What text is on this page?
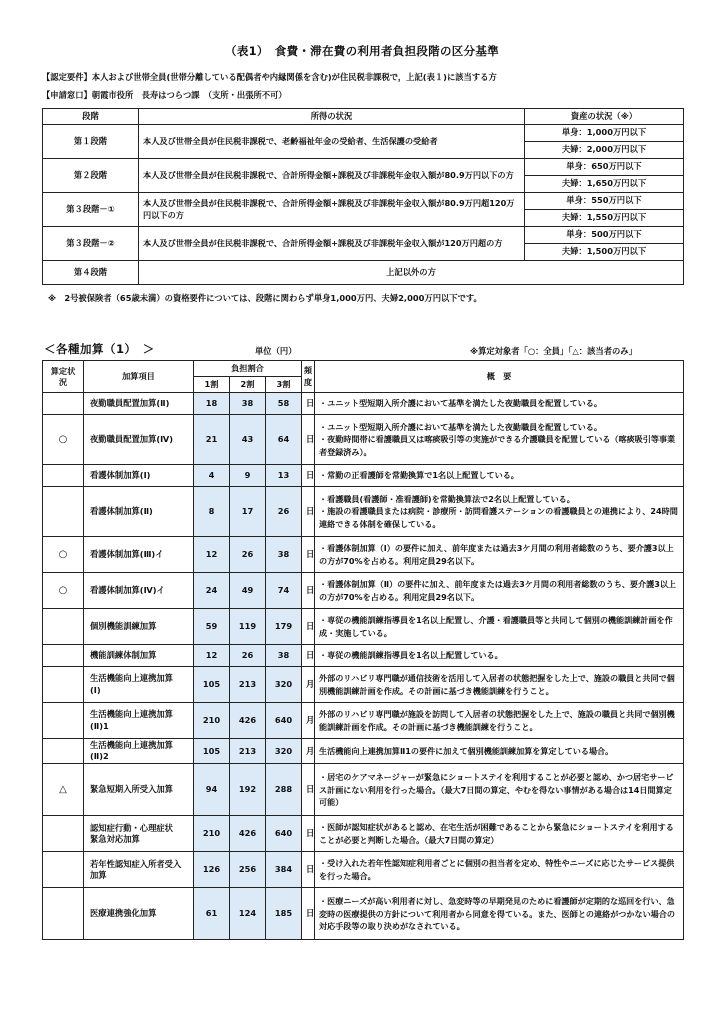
（表1）　食費・滞在費の利用者負担段階の区分基準
【認定要件】本人および世帯全員(世帯分離している配偶者や内縁関係を含む)が住民税非課税で，上記(表１)に該当する方
【申請窓口】朝霞市役所　長寿はつらつ課　（支所・出張所不可）
段階	所得の状況	資産の状況（※）
第１段階	本人及び世帯全員が住民税非課税で、老齢福祉年金の受給者、生活保護の受給者	単身：1,000万円以下
		夫婦：2,000万円以下
第２段階	本人及び世帯全員が住民税非課税で、合計所得金額+課税及び非課税年金収入額が80.9万円以下の方	単身：650万円以下
		夫婦：1,650万円以下
第３段階－①	本人及び世帯全員が住民税非課税で、合計所得金額+課税及び非課税年金収入額が80.9万円超120万円以下の方	単身：550万円以下
		夫婦：1,550万円以下
第３段階－②	本人及び世帯全員が住民税非課税で、合計所得金額+課税及び非課税年金収入額が120万円超の方	単身：500万円以下
		夫婦：1,500万円以下
第４段階	上記以外の方	
※　2号被保険者（65歳未満）の資格要件については、段階に関わらず単身1,000万円、夫婦2,000万円以下です。
＜各種加算（1）　＞	単位（円）	※算定対象者「○：全員」「△：該当者のみ」
算定状況	加算項目	負担割合			頻度	概　要
		1割	2割	3割		
	夜勤職員配置加算(Ⅱ)	18	38	58	日	・ユニット型短期入所介護において基準を満たした夜勤職員を配置している。
○	夜勤職員配置加算(Ⅳ)	21	43	64	日	・ユニット型短期入所介護において基準を満たした夜勤職員を配置している。
・夜勤時間帯に看護職員又は喀痰吸引等の実施ができる介護職員を配置している（喀痰吸引等事業者登録済み）。
	看護体制加算(Ⅰ)	4	9	13	日	・常勤の正看護師を常勤換算で1名以上配置している。
	看護体制加算(Ⅱ)	8	17	26	日	・看護職員(看護師・准看護師)を常勤換算法で2名以上配置している。
・施設の看護職員または病院・診療所・訪問看護ステーションの看護職員との連携により、24時間連絡できる体制を確保している。
○	看護体制加算(Ⅲ)イ	12	26	38	日	・看護体制加算（Ⅰ）の要件に加え、前年度または過去3ケ月間の利用者総数のうち、要介護3以上の方が70%を占める。利用定員29名以下。
○	看護体制加算(Ⅳ)イ	24	49	74	日	・看護体制加算（Ⅱ）の要件に加え、前年度または過去3ケ月間の利用者総数のうち、要介護3以上の方が70%を占める。利用定員29名以下。
	個別機能訓練加算	59	119	179	日	・専従の機能訓練指導員を1名以上配置し、介護・看護職員等と共同して個別の機能訓練計画を作成・実施している。
	機能訓練体制加算	12	26	38	日	・専従の機能訓練指導員を1名以上配置している。
	生活機能向上連携加算
(Ⅰ)	105	213	320	月	外部のリハビリ専門職が通信技術を活用して入居者の状態把握をした上で、施設の職員と共同で個別機能訓練計画を作成。その計画に基づき機能訓練を行うこと。
	生活機能向上連携加算
(Ⅱ)1	210	426	640	月	外部のリハビリ専門職が施設を訪問して入居者の状態把握をした上で、施設の職員と共同で個別機能訓練計画を作成。その計画に基づき機能訓練を行うこと。
	生活機能向上連携加算
(Ⅱ)2	105	213	320	月	生活機能向上連携加算Ⅱ1の要件に加えて個別機能訓練加算を算定している場合。
△	緊急短期入所受入加算	94	192	288	日	・居宅のケアマネージャーが緊急にショートステイを利用することが必要と認め、かつ居宅サービス計画にない利用を行った場合。（最大7日間の算定、やむを得ない事情がある場合は14日間算定可能）
	認知症行動・心理症状
緊急対応加算	210	426	640	日	・医師が認知症状があると認め、在宅生活が困難であることから緊急にショートステイを利用することが必要と判断した場合。（最大7日間の算定）
	若年性認知症入所者受入
加算	126	256	384	日	・受け入れた若年性認知症利用者ごとに個別の担当者を定め、特性やニーズに応じたサービス提供を行った場合。
	医療連携強化加算	61	124	185	日	・医療ニーズが高い利用者に対し、急変時等の早期発見のために看護師が定期的な巡回を行い、急変時の医療提供の方針について利用者から同意を得ている。また、医師との連絡がつかない場合の対応手段等の取り決めがなされている。
